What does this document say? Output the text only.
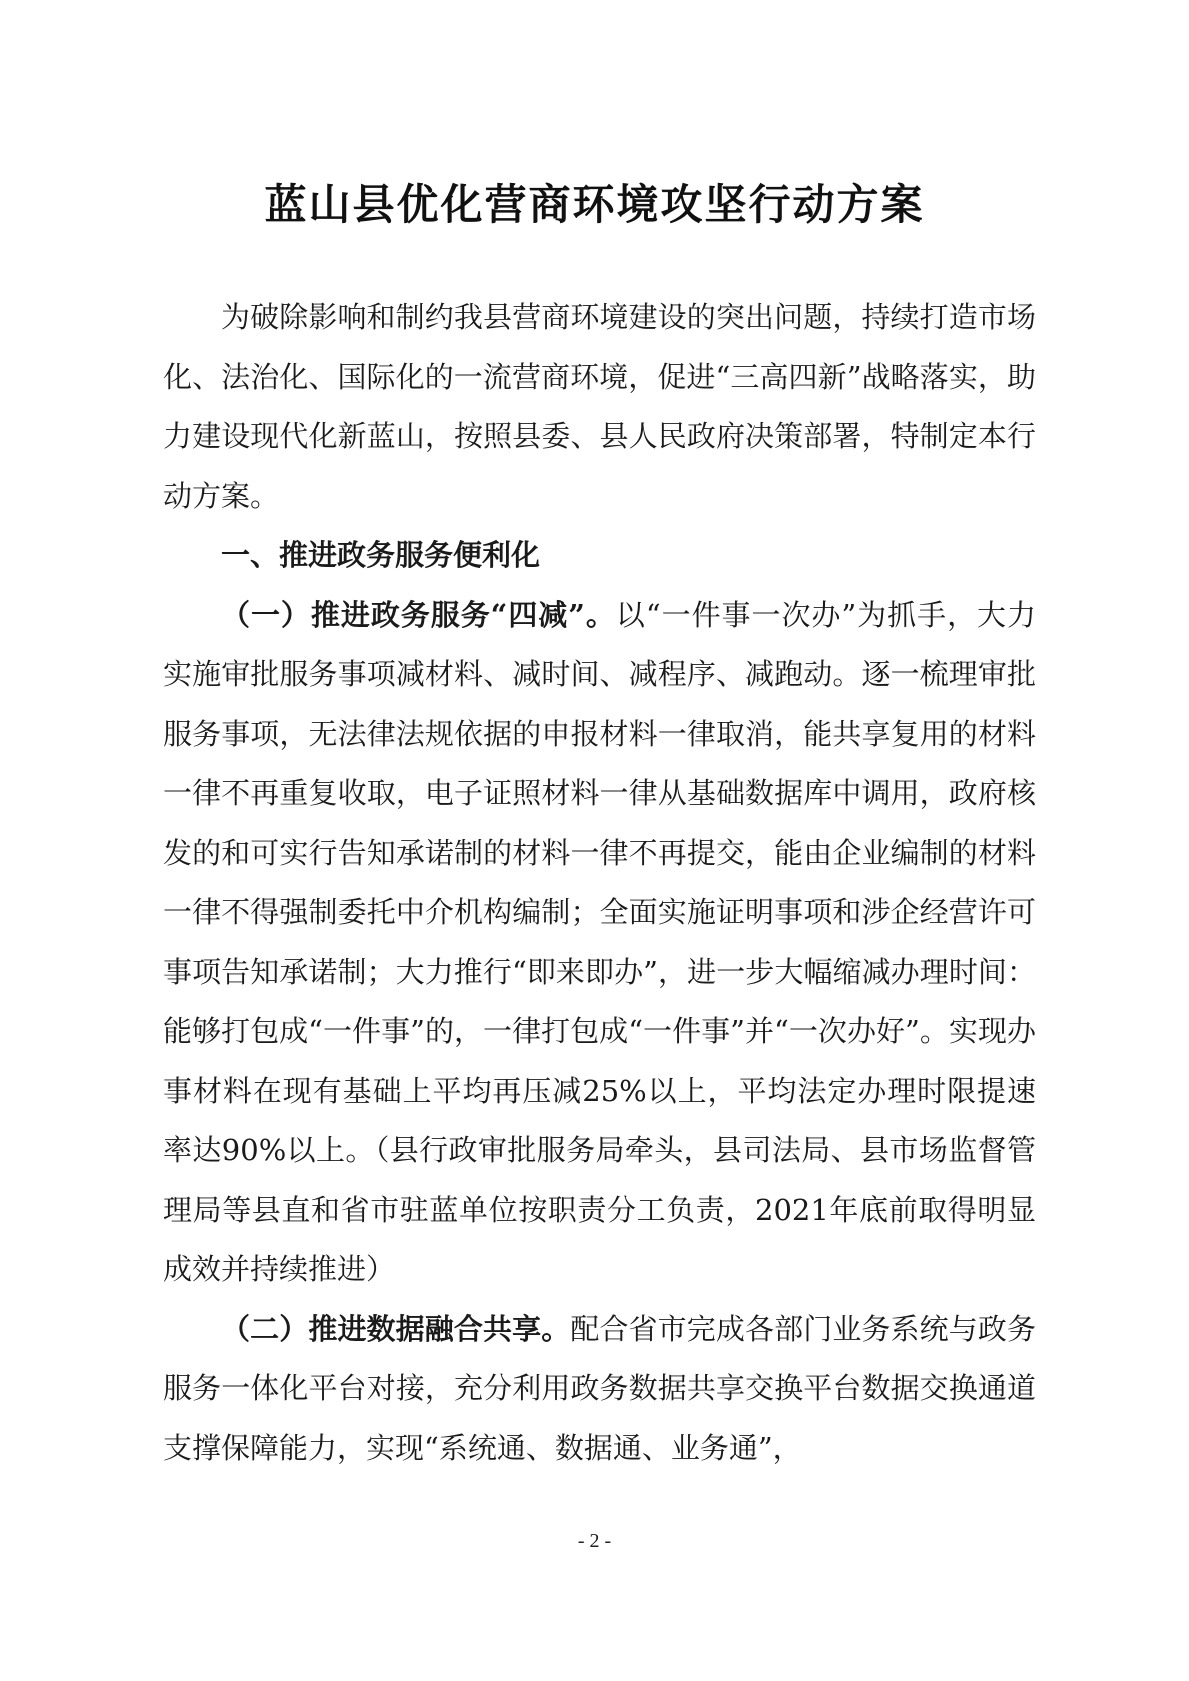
蓝山县优化营商环境攻坚行动方案

为破除影响和制约我县营商环境建设的突出问题，持续打造市场化、法治化、国际化的一流营商环境，促进“三高四新”战略落实，助力建设现代化新蓝山，按照县委、县人民政府决策部署，特制定本行动方案。

一、推进政务服务便利化

（一）推进政务服务“四减”。以“一件事一次办”为抓手，大力实施审批服务事项减材料、减时间、减程序、减跑动。逐一梳理审批服务事项，无法律法规依据的申报材料一律取消，能共享复用的材料一律不再重复收取，电子证照材料一律从基础数据库中调用，政府核发的和可实行告知承诺制的材料一律不再提交，能由企业编制的材料一律不得强制委托中介机构编制；全面实施证明事项和涉企经营许可事项告知承诺制；大力推行“即来即办”，进一步大幅缩减办理时间：能够打包成“一件事”的，一律打包成“一件事”并“一次办好”。实现办事材料在现有基础上平均再压减25%以上，平均法定办理时限提速率达90%以上。（县行政审批服务局牵头，县司法局、县市场监督管理局等县直和省市驻蓝单位按职责分工负责，2021年底前取得明显成效并持续推进）

（二）推进数据融合共享。配合省市完成各部门业务系统与政务服务一体化平台对接，充分利用政务数据共享交换平台数据交换通道支撑保障能力，实现“系统通、数据通、业务通”，

- 2 -
